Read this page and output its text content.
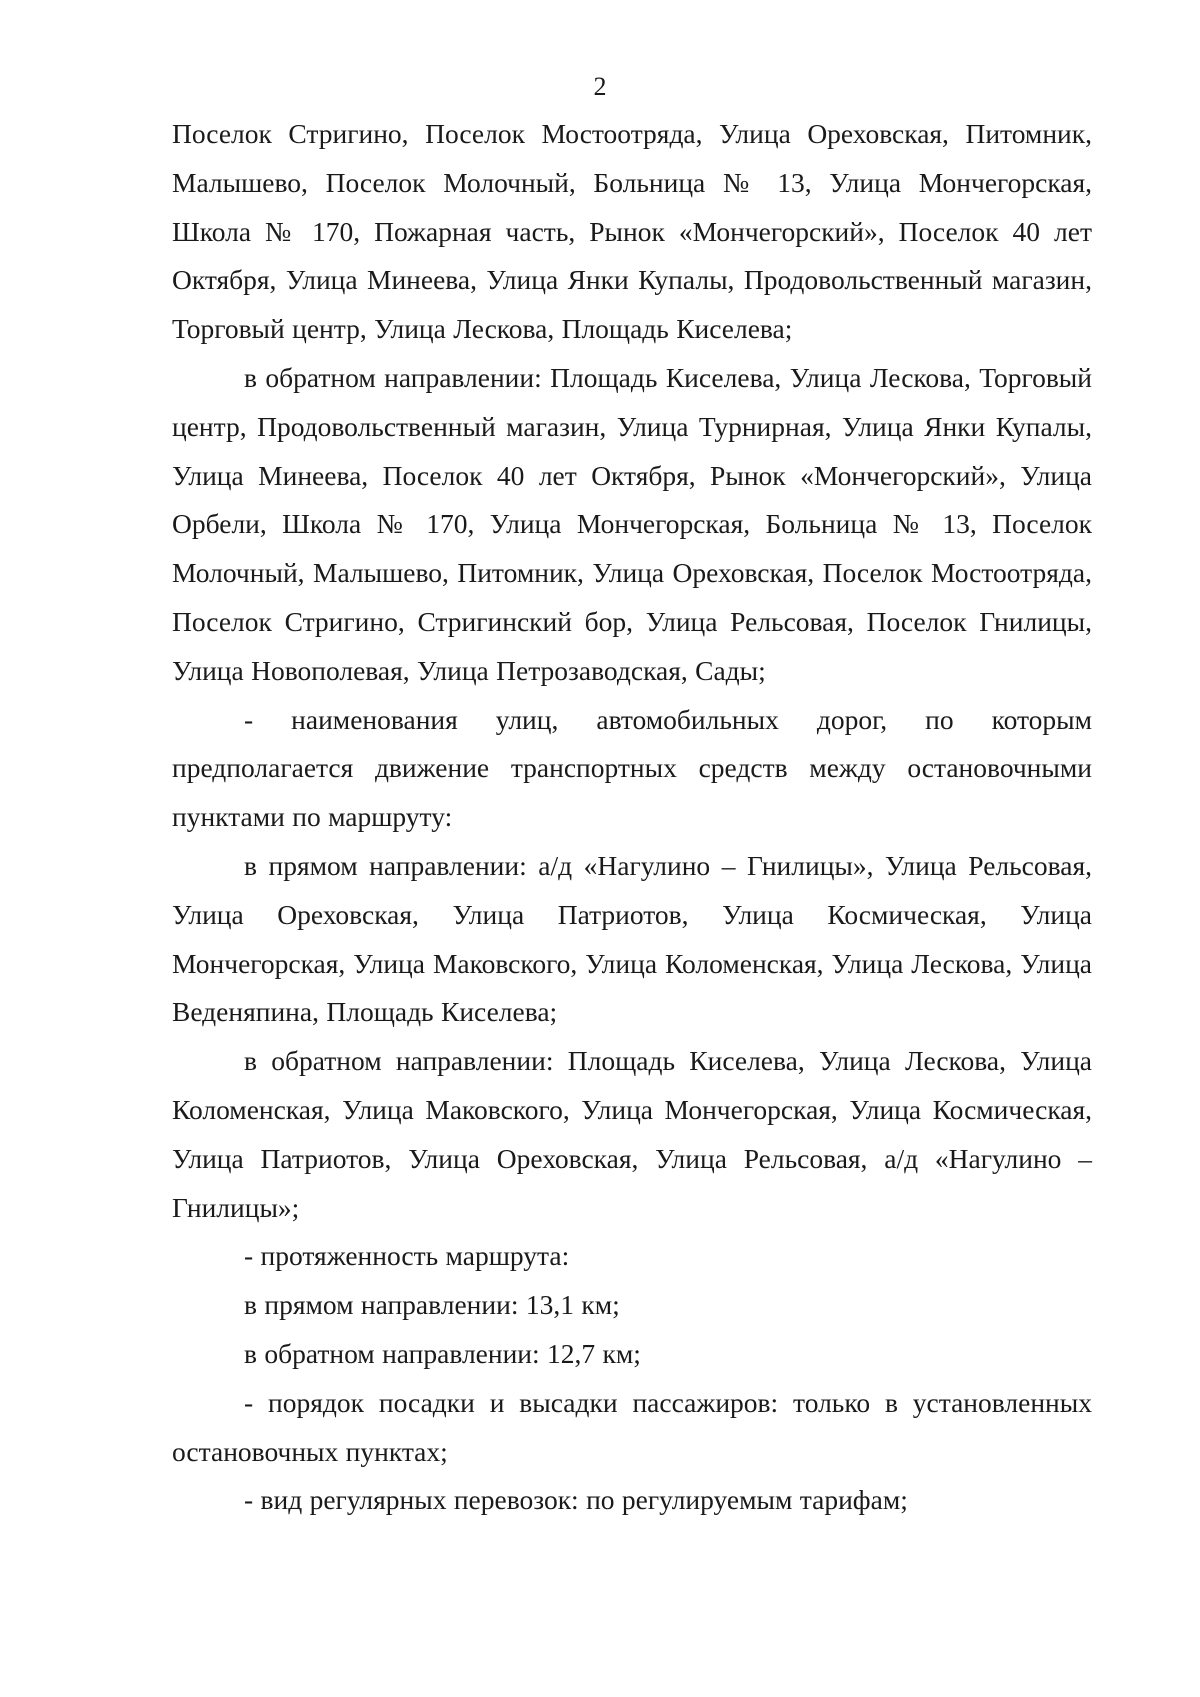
2

Поселок Стригино, Поселок Мостоотряда, Улица Ореховская, Питомник, Малышево, Поселок Молочный, Больница № 13, Улица Мончегорская, Школа № 170, Пожарная часть, Рынок «Мончегорский», Поселок 40 лет Октября, Улица Минеева, Улица Янки Купалы, Продовольственный магазин, Торговый центр, Улица Лескова, Площадь Киселева;

в обратном направлении: Площадь Киселева, Улица Лескова, Торговый центр, Продовольственный магазин, Улица Турнирная, Улица Янки Купалы, Улица Минеева, Поселок 40 лет Октября, Рынок «Мончегорский», Улица Орбели, Школа № 170, Улица Мончегорская, Больница № 13, Поселок Молочный, Малышево, Питомник, Улица Ореховская, Поселок Мостоотряда, Поселок Стригино, Стригинский бор, Улица Рельсовая, Поселок Гнилицы, Улица Новополевая, Улица Петрозаводская, Сады;

- наименования улиц, автомобильных дорог, по которым предполагается движение транспортных средств между остановочными пунктами по маршруту:

в прямом направлении: а/д «Нагулино – Гнилицы», Улица Рельсовая, Улица Ореховская, Улица Патриотов, Улица Космическая, Улица Мончегорская, Улица Маковского, Улица Коломенская, Улица Лескова, Улица Веденяпина, Площадь Киселева;

в обратном направлении: Площадь Киселева, Улица Лескова, Улица Коломенская, Улица Маковского, Улица Мончегорская, Улица Космическая, Улица Патриотов, Улица Ореховская, Улица Рельсовая, а/д «Нагулино – Гнилицы»;

- протяженность маршрута:

в прямом направлении: 13,1 км;

в обратном направлении: 12,7 км;

- порядок посадки и высадки пассажиров: только в установленных остановочных пунктах;

- вид регулярных перевозок: по регулируемым тарифам;
